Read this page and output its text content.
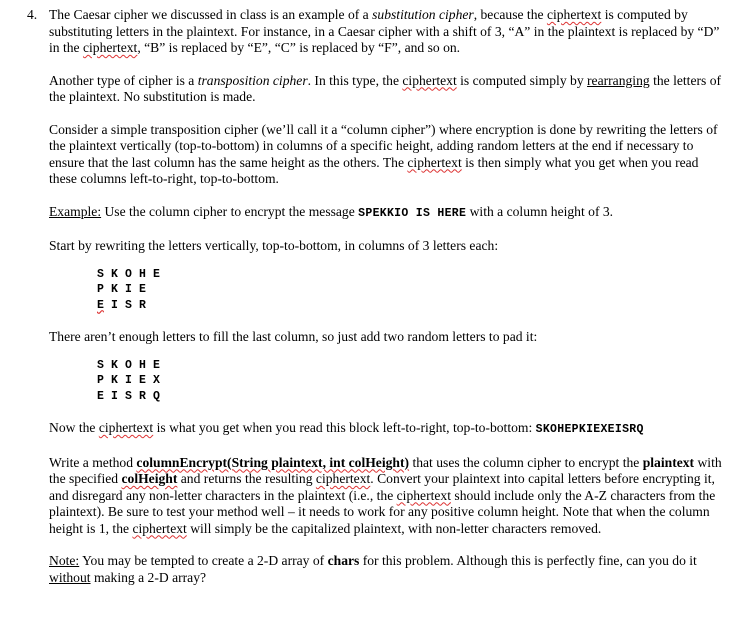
4. The Caesar cipher we discussed in class is an example of a substitution cipher, because the ciphertext is computed by substituting letters in the plaintext. For instance, in a Caesar cipher with a shift of 3, “A” in the plaintext is replaced by “D” in the ciphertext, “B” is replaced by “E”, “C” is replaced by “F”, and so on.

Another type of cipher is a transposition cipher. In this type, the ciphertext is computed simply by rearranging the letters of the plaintext. No substitution is made.

Consider a simple transposition cipher (we’ll call it a “column cipher”) where encryption is done by rewriting the letters of the plaintext vertically (top-to-bottom) in columns of a specific height, adding random letters at the end if necessary to ensure that the last column has the same height as the others. The ciphertext is then simply what you get when you read these columns left-to-right, top-to-bottom.

Example: Use the column cipher to encrypt the message SPEKKIO IS HERE with a column height of 3.

Start by rewriting the letters vertically, top-to-bottom, in columns of 3 letters each:

S K O H E
P K I E
E I S R

There aren’t enough letters to fill the last column, so just add two random letters to pad it:

S K O H E
P K I E X
E I S R Q

Now the ciphertext is what you get when you read this block left-to-right, top-to-bottom: SKOHEPKIEXEISRQ

Write a method columnEncrypt(String plaintext, int colHeight) that uses the column cipher to encrypt the plaintext with the specified colHeight and returns the resulting ciphertext. Convert your plaintext into capital letters before encrypting it, and disregard any non-letter characters in the plaintext (i.e., the ciphertext should include only the A-Z characters from the plaintext). Be sure to test your method well – it needs to work for any positive column height. Note that when the column height is 1, the ciphertext will simply be the capitalized plaintext, with non-letter characters removed.

Note: You may be tempted to create a 2-D array of chars for this problem. Although this is perfectly fine, can you do it without making a 2-D array?
